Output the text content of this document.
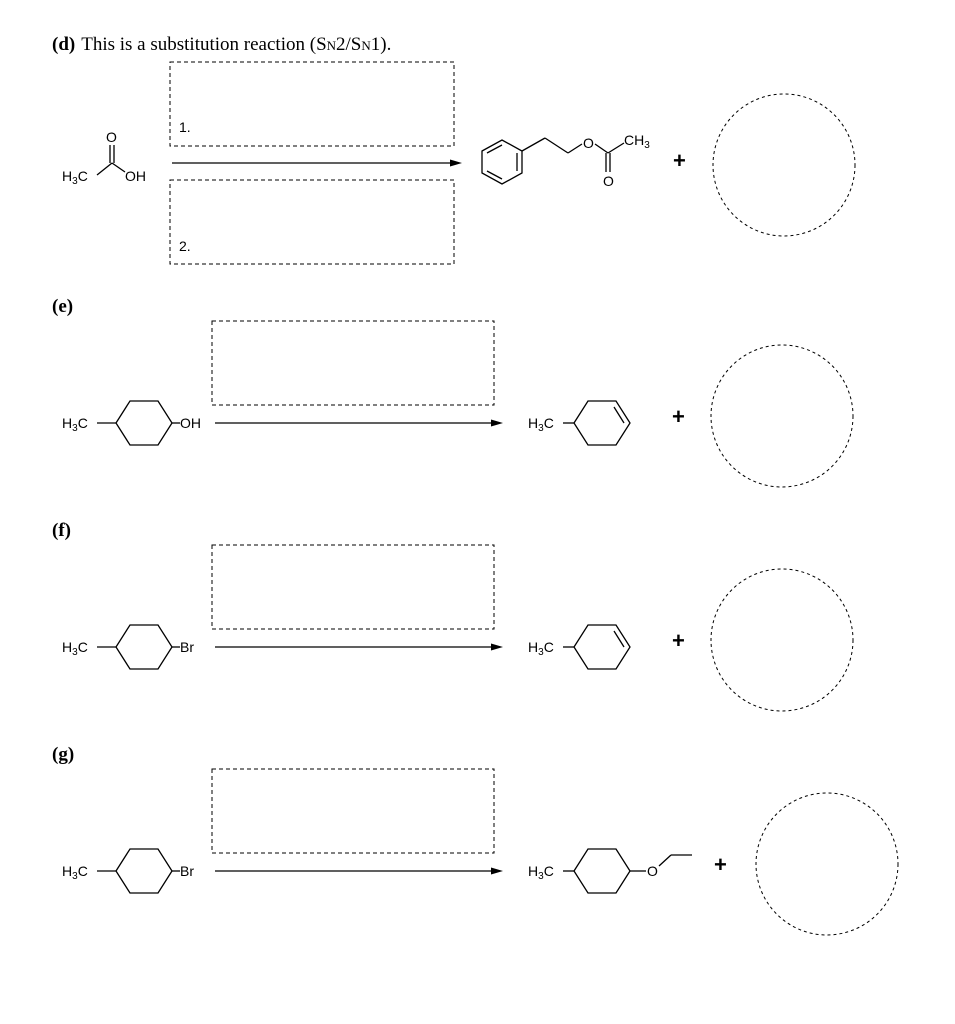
(d) This is a substitution reaction (SN2/SN1).
1.
2.
$H_3C$
O
OH
O
O
$CH_3$
+
(e)
$H_3C$	OH	$H_3C$	+
(f)
$H_3C$	Br	$H_3C$	+
(g)
$H_3C$	Br	$H_3C$	O	+
